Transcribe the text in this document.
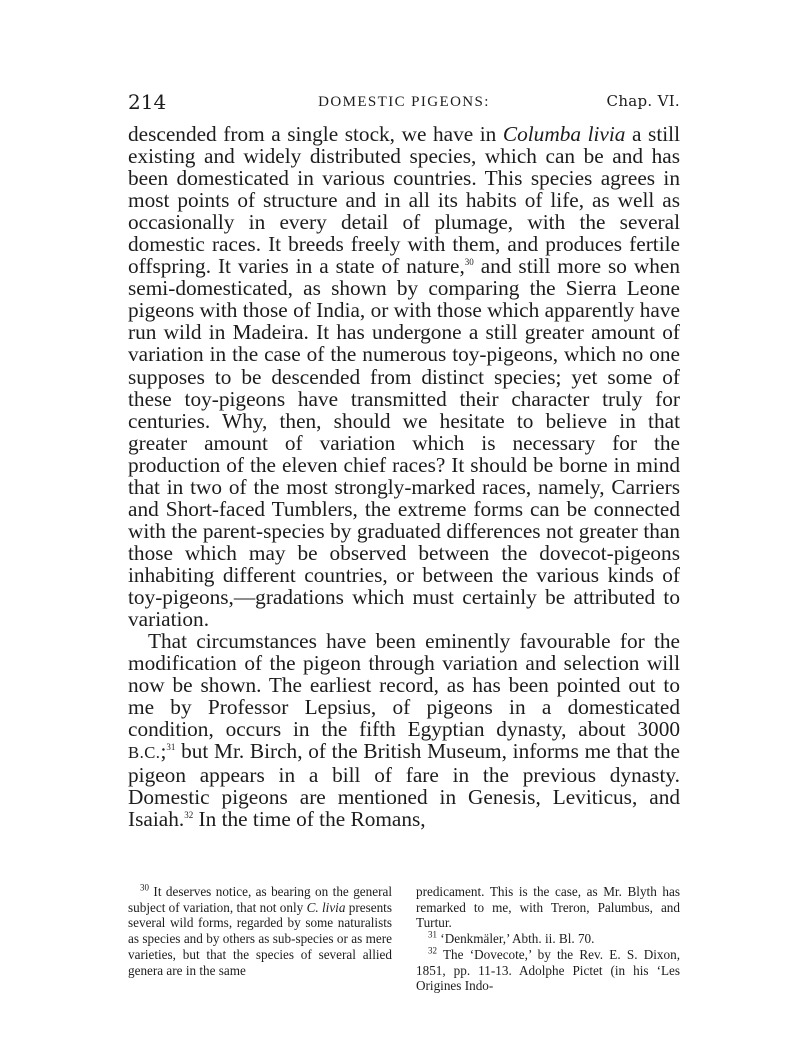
214	DOMESTIC PIGEONS:	Chap. VI.

descended from a single stock, we have in Columba livia a still existing and widely distributed species, which can be and has been domesticated in various countries. This species agrees in most points of structure and in all its habits of life, as well as occasionally in every detail of plumage, with the several domestic races. It breeds freely with them, and produces fertile offspring. It varies in a state of nature,$^{30}$ and still more so when semi-domesticated, as shown by comparing the Sierra Leone pigeons with those of India, or with those which apparently have run wild in Madeira. It has undergone a still greater amount of variation in the case of the numerous toy-pigeons, which no one supposes to be descended from distinct species; yet some of these toy-pigeons have transmitted their character truly for centuries. Why, then, should we hesitate to believe in that greater amount of variation which is necessary for the production of the eleven chief races? It should be borne in mind that in two of the most strongly-marked races, namely, Carriers and Short-faced Tumblers, the extreme forms can be connected with the parent-species by graduated differences not greater than those which may be observed between the dovecot-pigeons inhabiting different countries, or between the various kinds of toy-pigeons,—gradations which must certainly be attributed to variation.

That circumstances have been eminently favourable for the modification of the pigeon through variation and selection will now be shown. The earliest record, as has been pointed out to me by Professor Lepsius, of pigeons in a domesticated condition, occurs in the fifth Egyptian dynasty, about 3000 B.C.;$^{31}$ but Mr. Birch, of the British Museum, informs me that the pigeon appears in a bill of fare in the previous dynasty. Domestic pigeons are mentioned in Genesis, Leviticus, and Isaiah.$^{32}$ In the time of the Romans,

$^{30}$ It deserves notice, as bearing on the general subject of variation, that not only C. livia presents several wild forms, regarded by some naturalists as species and by others as sub-species or as mere varieties, but that the species of several allied genera are in the same

predicament. This is the case, as Mr. Blyth has remarked to me, with Treron, Palumbus, and Turtur.

$^{31}$ ‘Denkmäler,’ Abth. ii. Bl. 70.

$^{32}$ The ‘Dovecote,’ by the Rev. E. S. Dixon, 1851, pp. 11-13. Adolphe Pictet (in his ‘Les Origines Indo-
